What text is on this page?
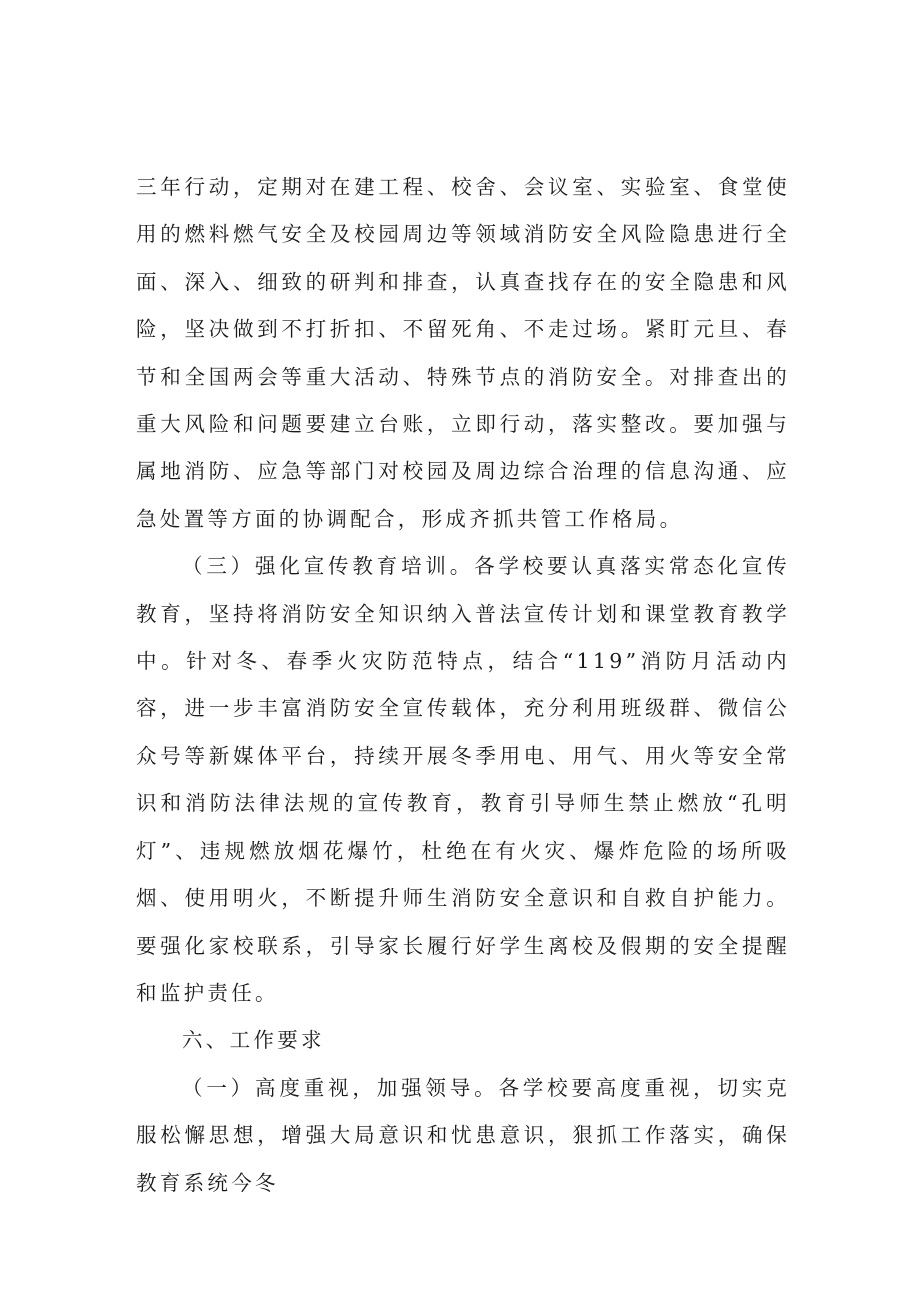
三年行动，定期对在建工程、校舍、会议室、实验室、食堂使用的燃料燃气安全及校园周边等领域消防安全风险隐患进行全面、深入、细致的研判和排查，认真查找存在的安全隐患和风险，坚决做到不打折扣、不留死角、不走过场。紧盯元旦、春节和全国两会等重大活动、特殊节点的消防安全。对排查出的重大风险和问题要建立台账，立即行动，落实整改。要加强与属地消防、应急等部门对校园及周边综合治理的信息沟通、应急处置等方面的协调配合，形成齐抓共管工作格局。

（三）强化宣传教育培训。各学校要认真落实常态化宣传教育，坚持将消防安全知识纳入普法宣传计划和课堂教育教学中。针对冬、春季火灾防范特点，结合“119”消防月活动内容，进一步丰富消防安全宣传载体，充分利用班级群、微信公众号等新媒体平台，持续开展冬季用电、用气、用火等安全常识和消防法律法规的宣传教育，教育引导师生禁止燃放“孔明灯”、违规燃放烟花爆竹，杜绝在有火灾、爆炸危险的场所吸烟、使用明火，不断提升师生消防安全意识和自救自护能力。要强化家校联系，引导家长履行好学生离校及假期的安全提醒和监护责任。

六、工作要求

（一）高度重视，加强领导。各学校要高度重视，切实克服松懈思想，增强大局意识和忧患意识，狠抓工作落实，确保教育系统今冬
